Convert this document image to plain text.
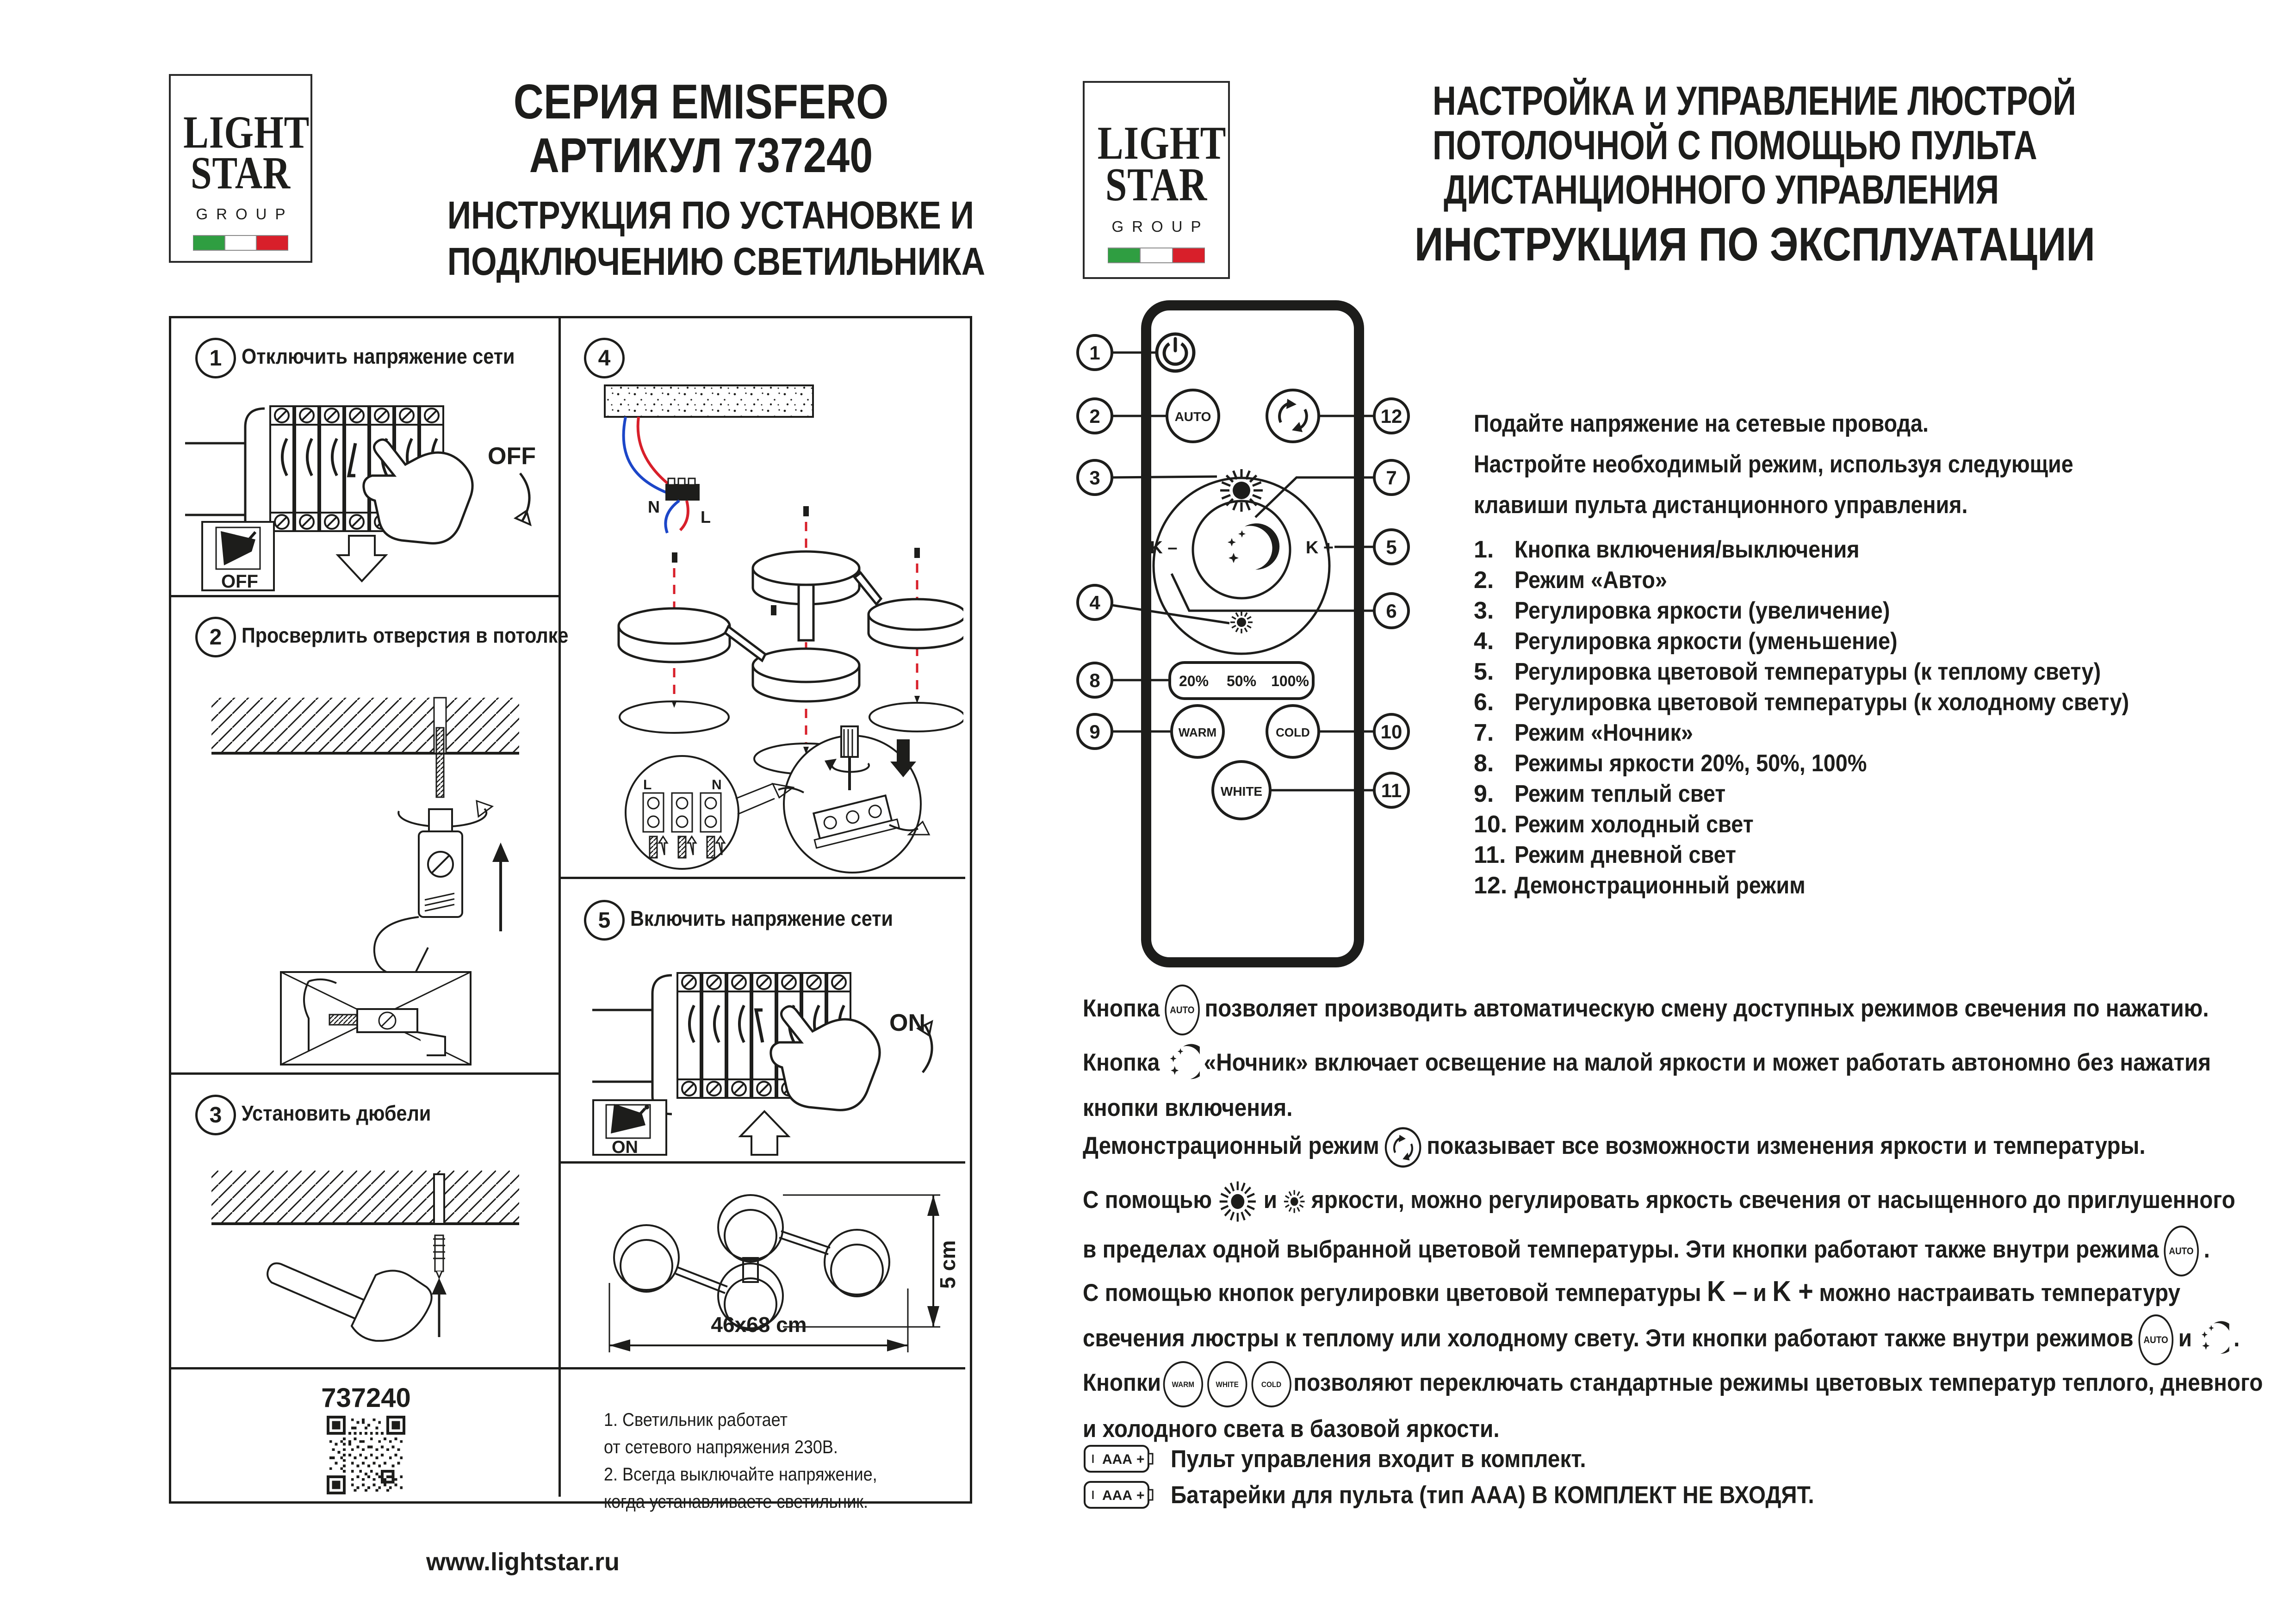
LIGHT
STAR
GROUP
СЕРИЯ EMISFERO
АРТИКУЛ 737240
ИНСТРУКЦИЯ ПО УСТАНОВКЕ И
ПОДКЛЮЧЕНИЮ СВЕТИЛЬНИКА
1 Отключить напряжение сети
OFF
OFF
2 Просверлить отверстия в потолке
3 Установить дюбели
737240
1. Светильник работает
от сетевого напряжения 230В.
2. Всегда выключайте напряжение,
когда устанавливаете светильник.
4
N
L
L	N
5 Включить напряжение сети
ON
ON
46x68 cm
5 cm
www.lightstar.ru
LIGHT
STAR
GROUP
НАСТРОЙКА И УПРАВЛЕНИЕ ЛЮСТРОЙ
ПОТОЛОЧНОЙ С ПОМОЩЬЮ ПУЛЬТА
ДИСТАНЦИОННОГО УПРАВЛЕНИЯ
ИНСТРУКЦИЯ ПО ЭКСПЛУАТАЦИИ
AUTO
K –	K +
20% 50% 100%
WARM	COLD
WHITE
1
2
3
4
5
6
7
8
9	10
11
12	Подайте напряжение на сетевые провода.
Настройте необходимый режим, используя следующие
клавиши пульта дистанционного управления.
1. Кнопка включения/выключения
2. Режим «Авто»
3. Регулировка яркости (увеличение)
4. Регулировка яркости (уменьшение)
5. Регулировка цветовой температуры (к теплому свету)
6. Регулировка цветовой температуры (к холодному свету)
7. Режим «Ночник»
8. Режимы яркости 20%, 50%, 100%
9. Режим теплый свет
10. Режим холодный свет
11. Режим дневной свет
12. Демонстрационный режим
Кнопка AUTO позволяет производить автоматическую смену доступных режимов свечения по нажатию.
Кнопка «Ночник» включает освещение на малой яркости и может работать автономно без нажатия
кнопки включения.
Демонстрационный режим показывает все возможности изменения яркости и температуры.
С помощью и яркости, можно регулировать яркость свечения от насыщенного до приглушенного в пределах одной выбранной цветовой температуры. Эти кнопки работают также внутри режима AUTO .
С помощью кнопок регулировки цветовой температуры K – и K + можно настраивать температуру свечения люстры к теплому или холодному свету. Эти кнопки работают также внутри режимов AUTO и .
Кнопки WARM	WHITE	COLD позволяют переключать стандартные режимы цветовых температур теплого, дневного
и холодного света в базовой яркости.
AAA + Пульт управления входит в комплект.
AAA + Батарейки для пульта (тип ААА) В КОМПЛЕКТ НЕ ВХОДЯТ.
